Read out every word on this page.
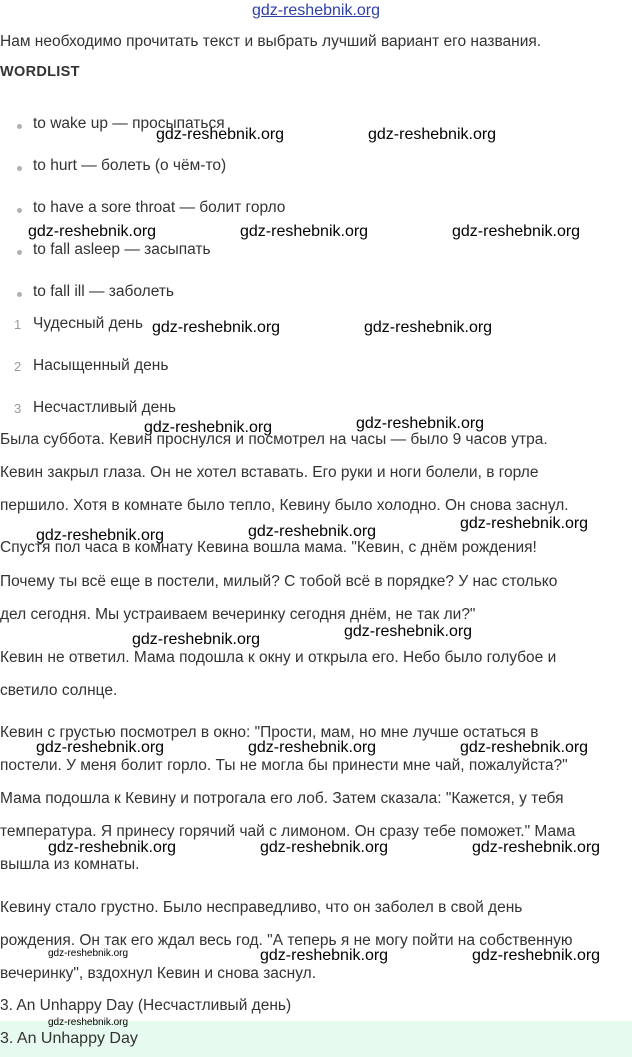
gdz-reshebnik.org
Нам необходимо прочитать текст и выбрать лучший вариант его названия.
WORDLIST
to wake up — просыпаться
to hurt — болеть (о чём-то)
to have a sore throat — болит горло
to fall asleep — засыпать
to fall ill — заболеть
1 Чудесный день
2 Насыщенный день
3 Несчастливый день
Была суббота. Кевин проснулся и посмотрел на часы — было 9 часов утра.
Кевин закрыл глаза. Он не хотел вставать. Его руки и ноги болели, в горле
першило. Хотя в комнате было тепло, Кевину было холодно. Он снова заснул.
Спустя пол часа в комнату Кевина вошла мама. "Кевин, с днём рождения!
Почему ты всё еще в постели, милый? С тобой всё в порядке? У нас столько
дел сегодня. Мы устраиваем вечеринку сегодня днём, не так ли?"
Кевин не ответил. Мама подошла к окну и открыла его. Небо было голубое и
светило солнце.
Кевин с грустью посмотрел в окно: "Прости, мам, но мне лучше остаться в
постели. У меня болит горло. Ты не могла бы принести мне чай, пожалуйста?"
Мама подошла к Кевину и потрогала его лоб. Затем сказала: "Кажется, у тебя
температура. Я принесу горячий чай с лимоном. Он сразу тебе поможет." Мама
вышла из комнаты.
Кевину стало грустно. Было несправедливо, что он заболел в свой день
рождения. Он так его ждал весь год. "А теперь я не могу пойти на собственную
вечеринку", вздохнул Кевин и снова заснул.
3. An Unhappy Day (Несчастливый день)
3. An Unhappy Day
gdz-reshebnik.org	gdz-reshebnik.org
gdz-reshebnik.org	gdz-reshebnik.org	gdz-reshebnik.org
gdz-reshebnik.org	gdz-reshebnik.org
gdz-reshebnik.org	gdz-reshebnik.org
gdz-reshebnik.org	gdz-reshebnik.org	gdz-reshebnik.org
gdz-reshebnik.org	gdz-reshebnik.org
gdz-reshebnik.org	gdz-reshebnik.org	gdz-reshebnik.org
gdz-reshebnik.org	gdz-reshebnik.org	gdz-reshebnik.org
gdz-reshebnik.org	gdz-reshebnik.org
gdz-reshebnik.org
gdz-reshebnik.org
